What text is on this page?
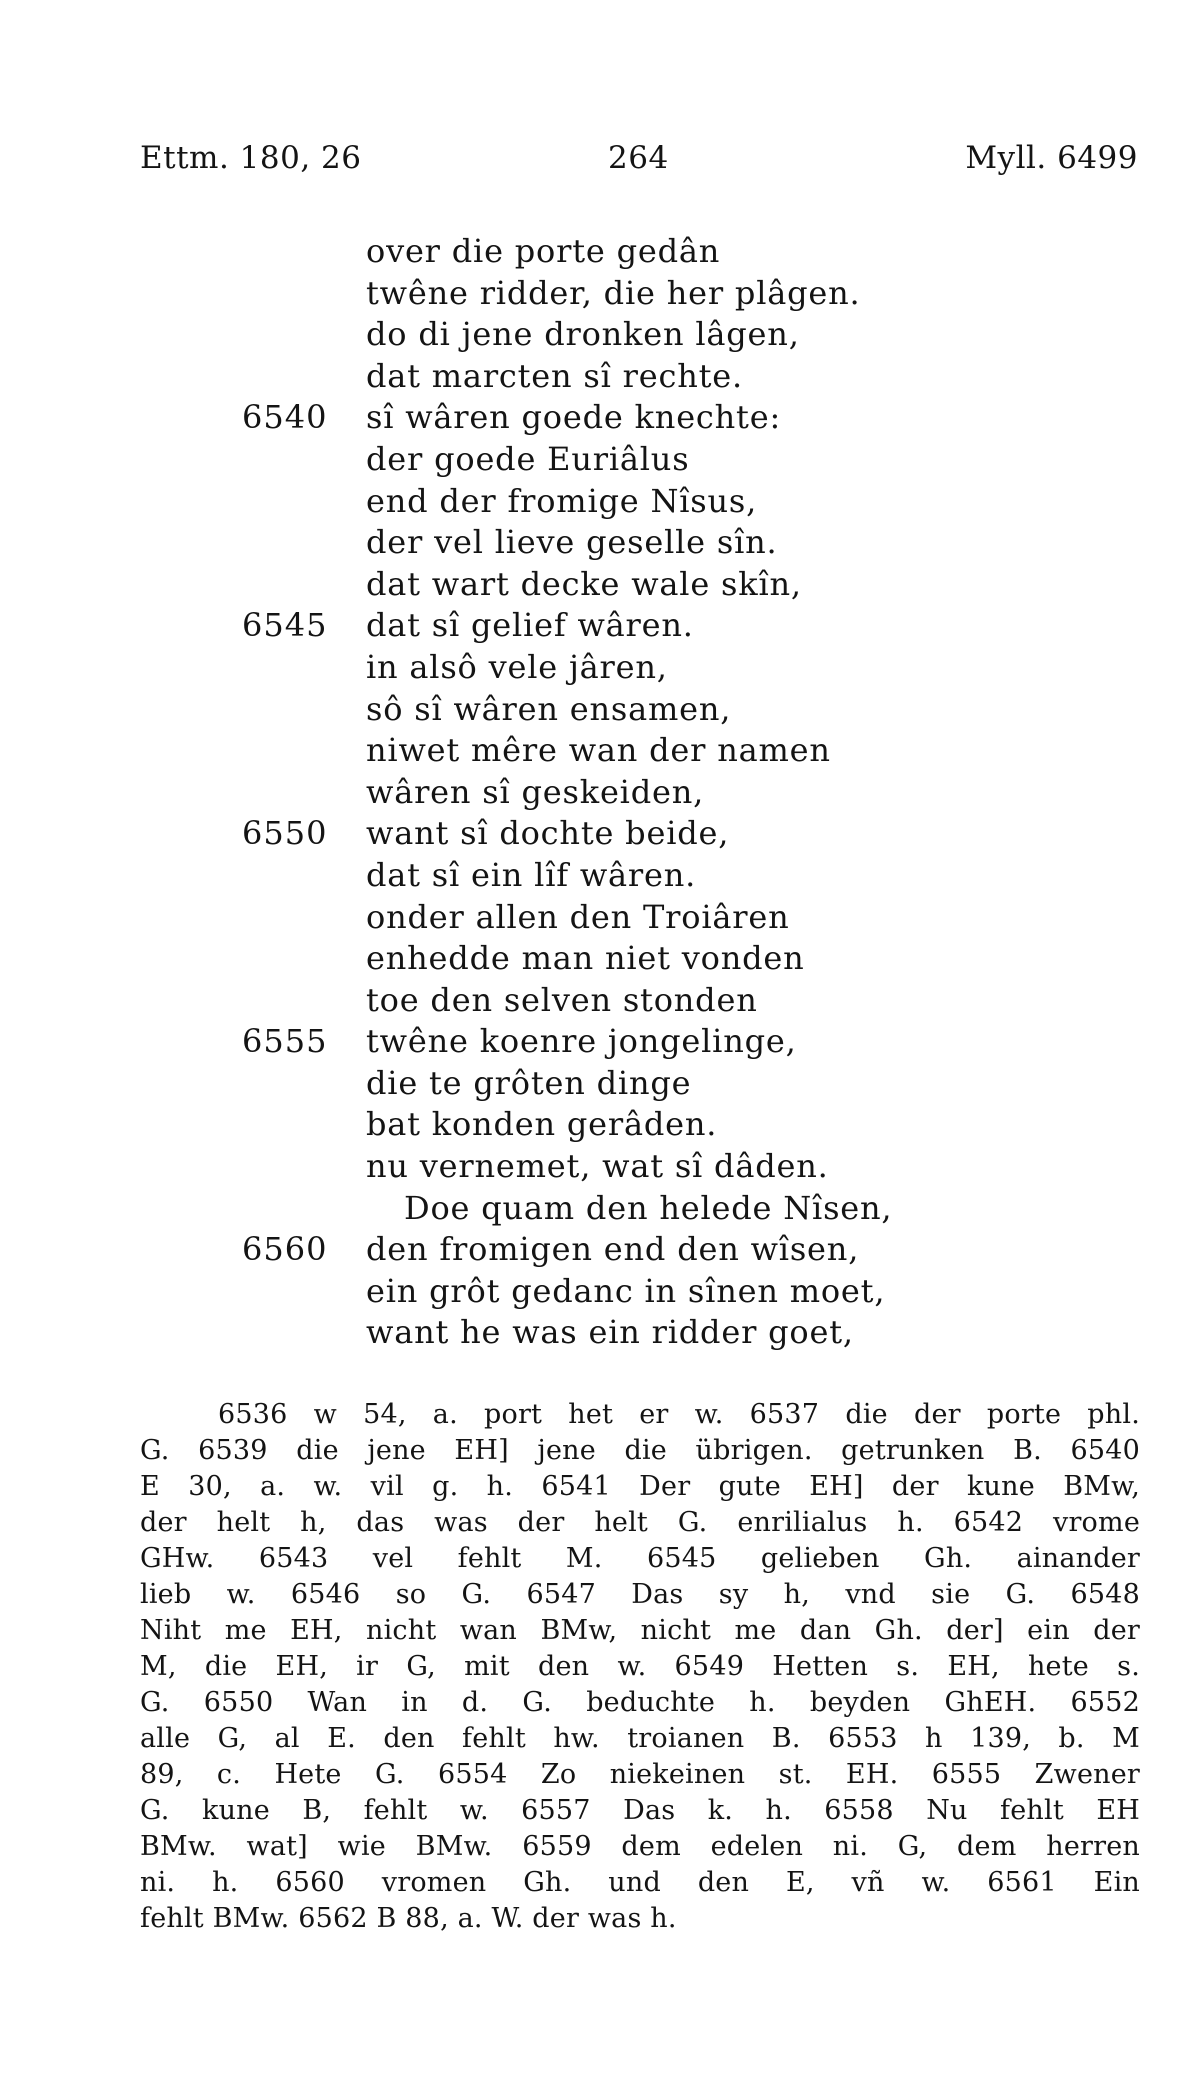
Ettm. 180, 26	264	Myll. 6499
over die porte gedân
twêne ridder, die her plâgen.
do di jene dronken lâgen,
dat marcten sî rechte.
6540 sî wâren goede knechte:
der goede Euriâlus
end der fromige Nîsus,
der vel lieve geselle sîn.
dat wart decke wale skîn,
6545 dat sî gelief wâren.
in alsô vele jâren,
sô sî wâren ensamen,
niwet mêre wan der namen
wâren sî geskeiden,
6550 want sî dochte beide,
dat sî ein lîf wâren.
onder allen den Troiâren
enhedde man niet vonden
toe den selven stonden
6555 twêne koenre jongelinge,
die te grôten dinge
bat konden gerâden.
nu vernemet, wat sî dâden.
Doe quam den helede Nîsen,
6560 den fromigen end den wîsen,
ein grôt gedanc in sînen moet,
want he was ein ridder goet,
6536 w 54, a. port het er w. 6537 die der porte phl.
G. 6539 die jene EH] jene die übrigen. getrunken B. 6540
E 30, a. w. vil g. h. 6541 Der gute EH] der kune BMw,
der helt h, das was der helt G. enrilialus h. 6542 vrome
GHw. 6543 vel fehlt M. 6545 gelieben Gh. ainander
lieb w. 6546 so G. 6547 Das sy h, vnd sie G. 6548
Niht me EH, nicht wan BMw, nicht me dan Gh. der] ein der
M, die EH, ir G, mit den w. 6549 Hetten s. EH, hete s.
G. 6550 Wan in d. G. beduchte h. beyden GhEH. 6552
alle G, al E. den fehlt hw. troianen B. 6553 h 139, b. M
89, c. Hete G. 6554 Zo niekeinen st. EH. 6555 Zwener
G. kune B, fehlt w. 6557 Das k. h. 6558 Nu fehlt EH
BMw. wat] wie BMw. 6559 dem edelen ni. G, dem herren
ni. h. 6560 vromen Gh. und den E, vñ w. 6561 Ein
fehlt BMw. 6562 B 88, a. W. der was h.
